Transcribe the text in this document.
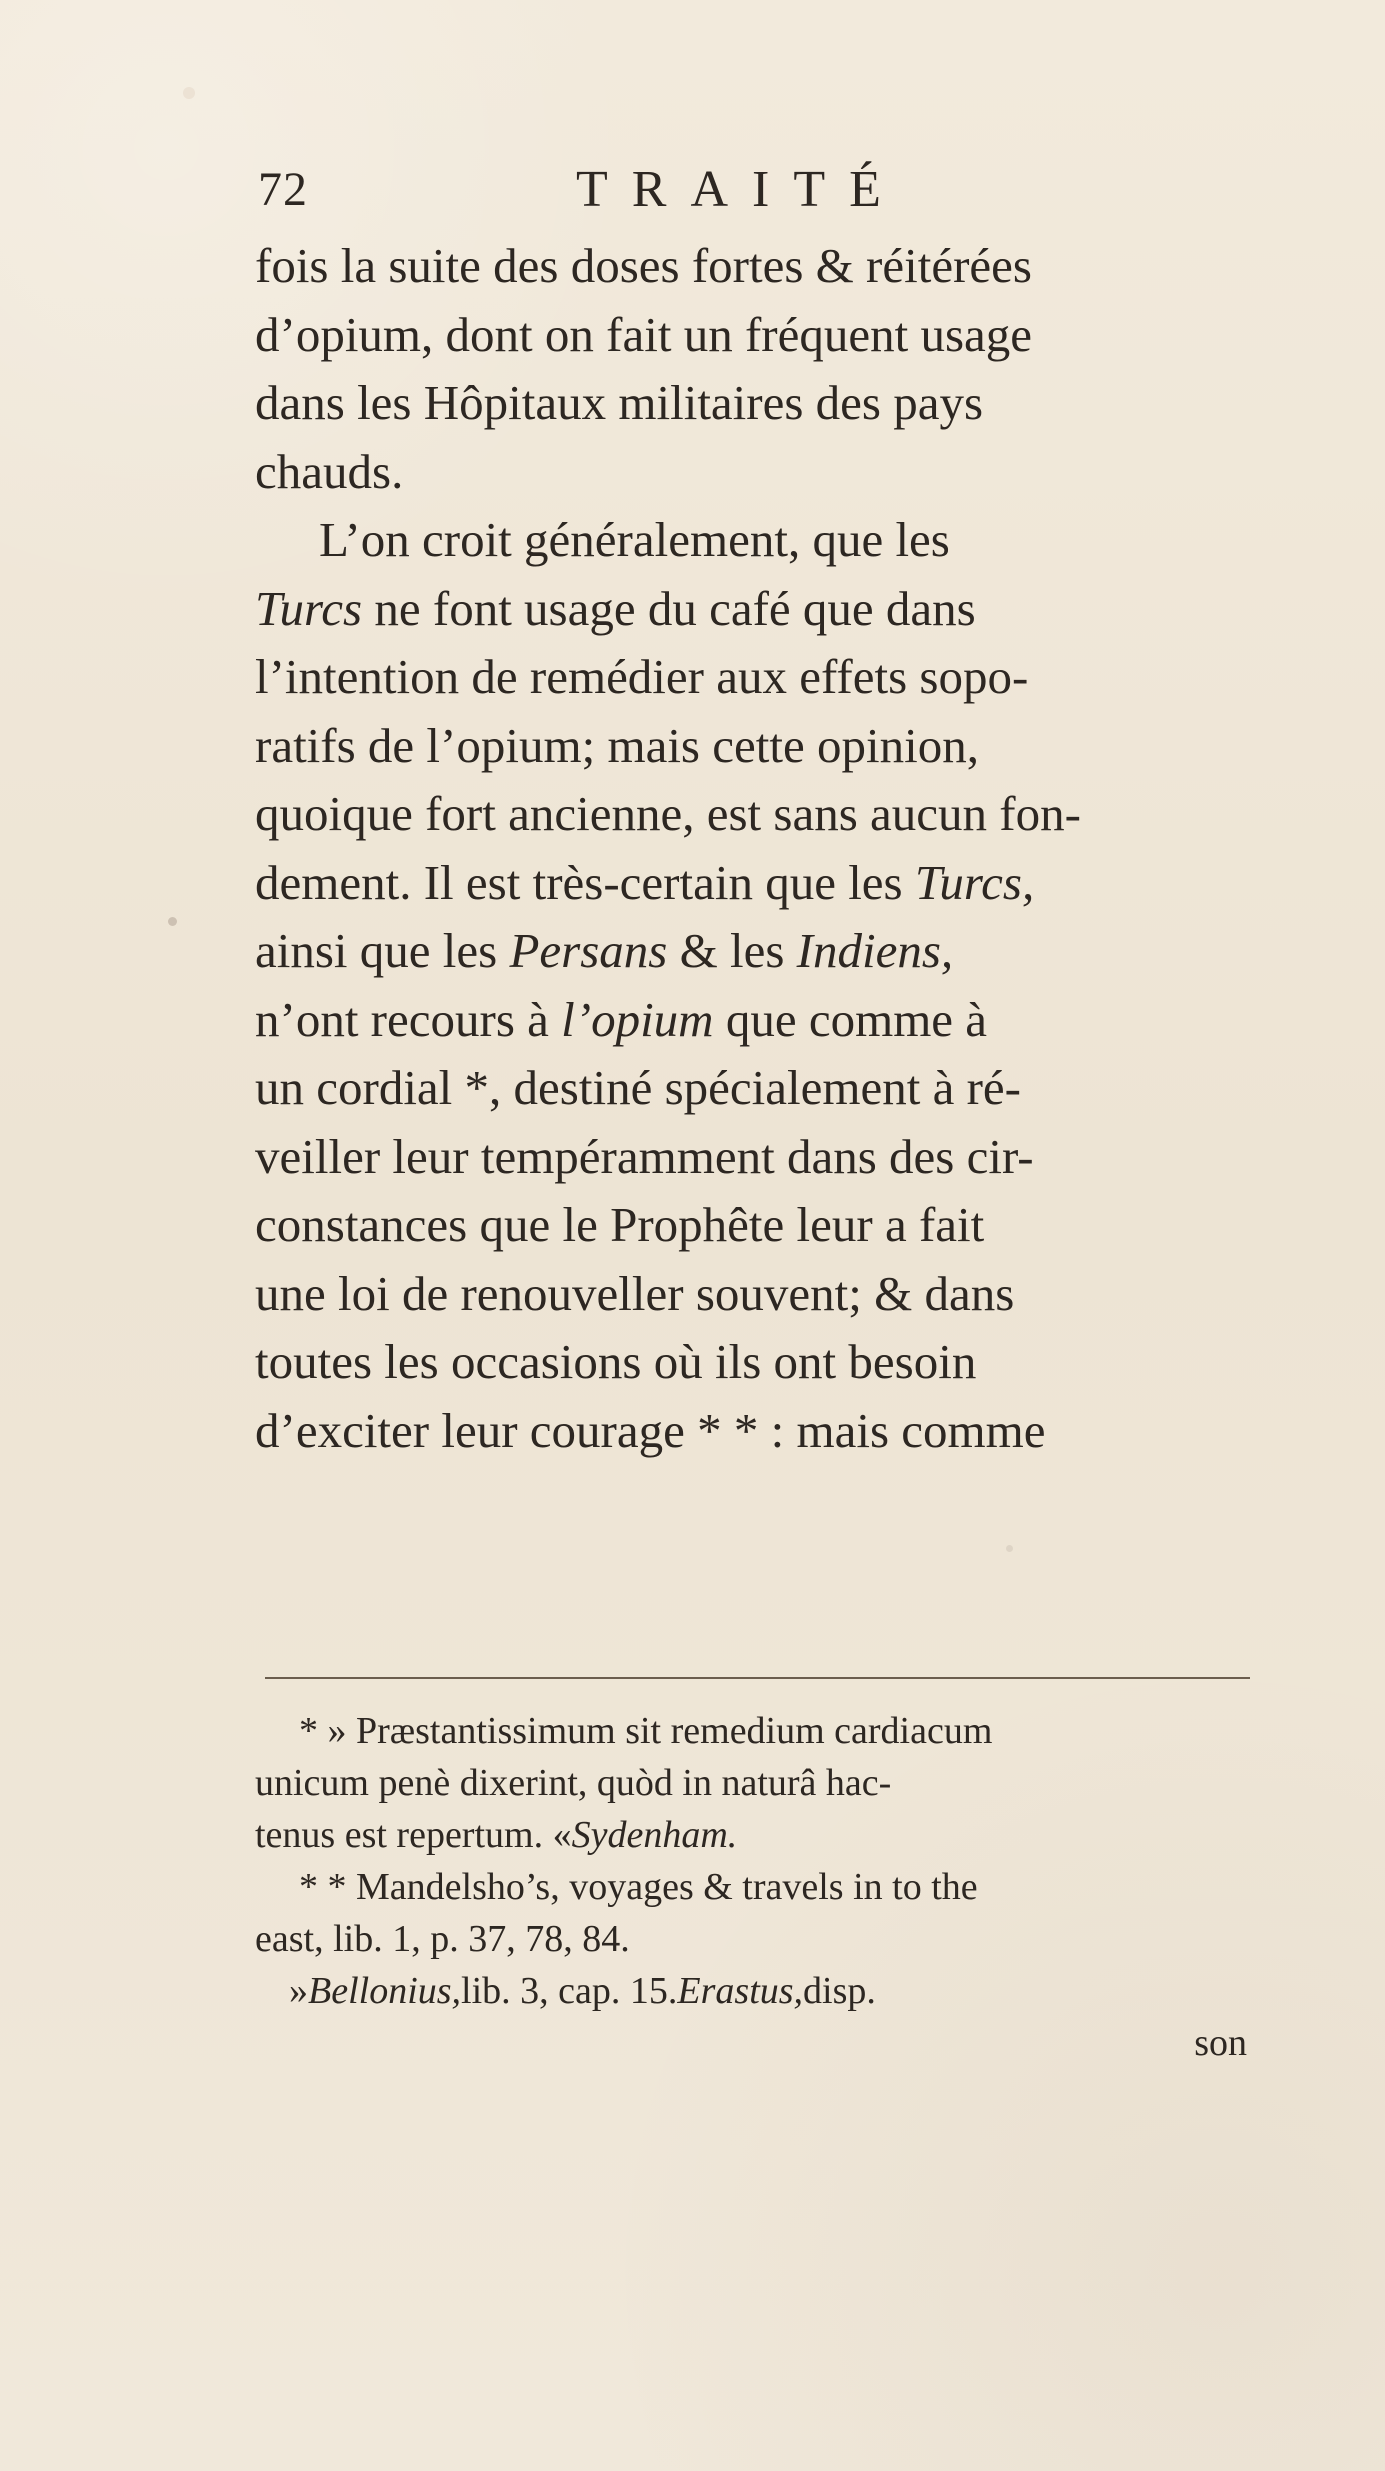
72	TRAITÉ
fois la suite des doses fortes & réitérées
d’opium, dont on fait un fréquent usage
dans les Hôpitaux militaires des pays
chauds.
L’on croit généralement, que les
Turcs ne font usage du café que dans
l’intention de remédier aux effets sopo-
ratifs de l’opium; mais cette opinion,
quoique fort ancienne, est sans aucun fon-
dement. Il est très-certain que les Turcs,
ainsi que les Persans & les Indiens,
n’ont recours à l’opium que comme à
un cordial *, destiné spécialement à ré-
veiller leur tempéramment dans des cir-
constances que le Prophête leur a fait
une loi de renouveller souvent; & dans
toutes les occasions où ils ont besoin
d’exciter leur courage * * : mais comme
* » Præstantissimum sit remedium cardiacum
unicum penè dixerint, quòd in naturâ hac-
tenus est repertum. « Sydenham.
* * Mandelsho’s, voyages & travels in to the
east, lib. 1, p. 37, 78, 84.
» Bellonius, lib. 3, cap. 15. Erastus, disp.
son
